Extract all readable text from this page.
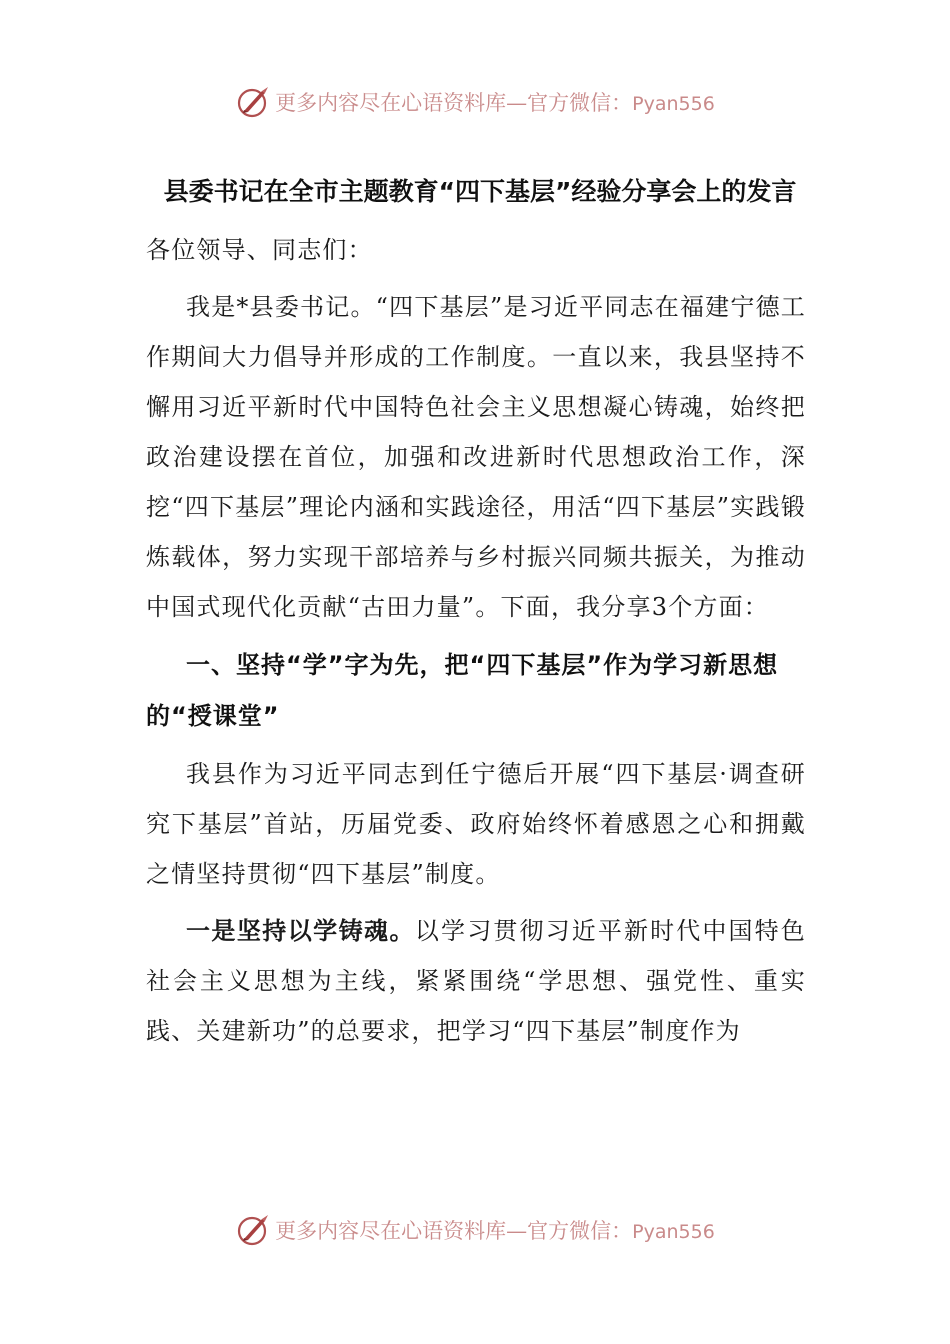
更多内容尽在心语资料库—官方微信：Pyan556
县委书记在全市主题教育“四下基层”经验分享会上的发言

各位领导、同志们：

我是*县委书记。“四下基层”是习近平同志在福建宁德工作期间大力倡导并形成的工作制度。一直以来，我县坚持不懈用习近平新时代中国特色社会主义思想凝心铸魂，始终把政治建设摆在首位，加强和改进新时代思想政治工作，深挖“四下基层”理论内涵和实践途径，用活“四下基层”实践锻炼载体，努力实现干部培养与乡村振兴同频共振关，为推动中国式现代化贡献“古田力量”。下面，我分享3个方面：

一、坚持“学”字为先，把“四下基层”作为学习新思想的“授课堂”

我县作为习近平同志到任宁德后开展“四下基层·调查研究下基层”首站，历届党委、政府始终怀着感恩之心和拥戴之情坚持贯彻“四下基层”制度。

一是坚持以学铸魂。以学习贯彻习近平新时代中国特色社会主义思想为主线，紧紧围绕“学思想、强党性、重实践、关建新功”的总要求，把学习“四下基层”制度作为

更多内容尽在心语资料库—官方微信：Pyan556
